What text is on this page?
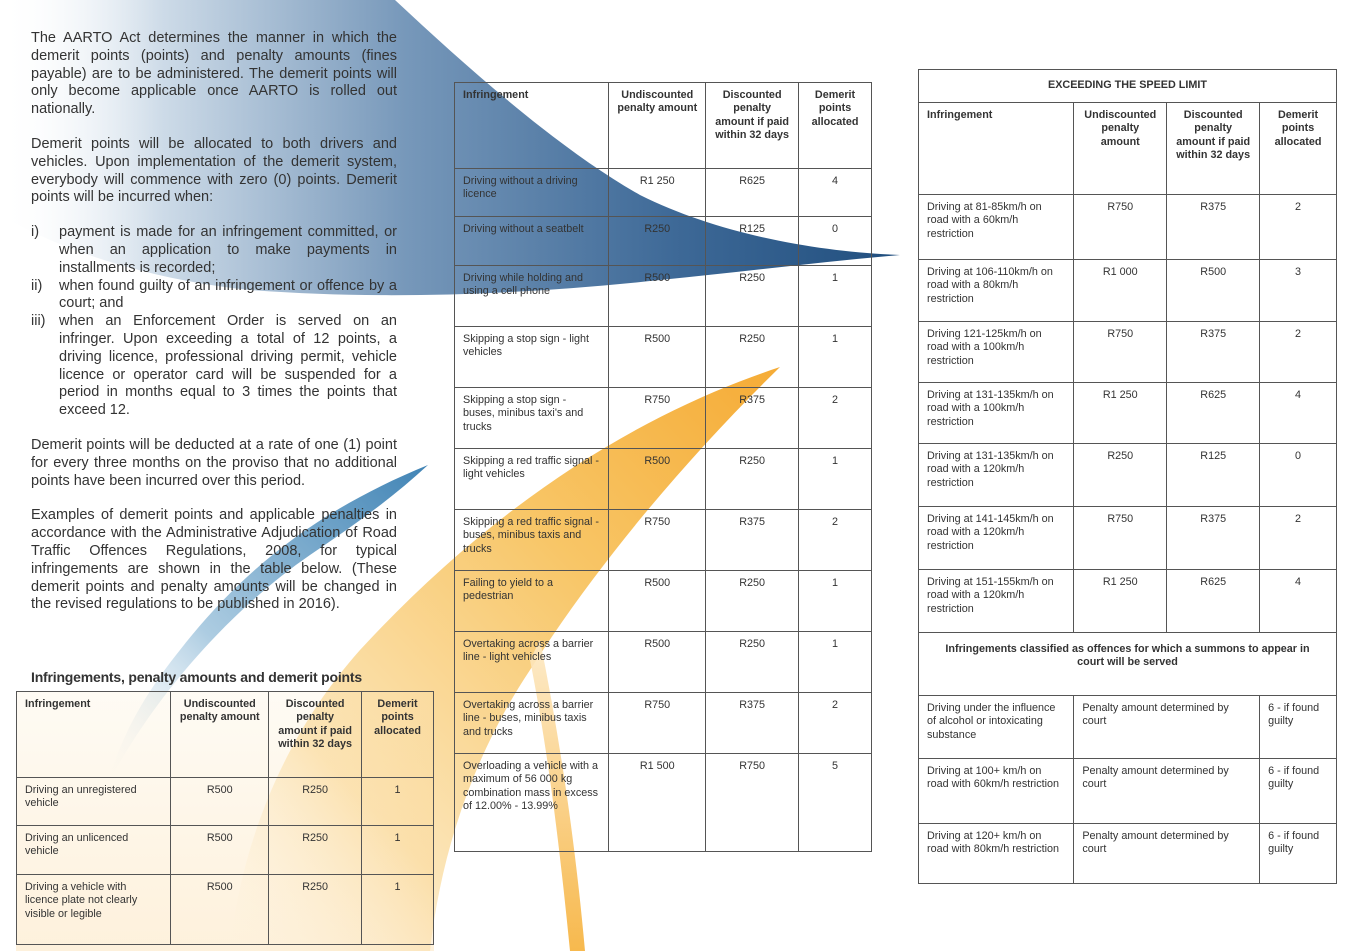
The AARTO Act determines the manner in which the demerit points (points) and penalty amounts (fines payable) are to be administered. The demerit points will only become applicable once AARTO is rolled out nationally.

Demerit points will be allocated to both drivers and vehicles. Upon implementation of the demerit system, everybody will commence with zero (0) points. Demerit points will be incurred when:

i) payment is made for an infringement committed, or when an application to make payments in installments is recorded;
ii) when found guilty of an infringement or offence by a court; and
iii) when an Enforcement Order is served on an infringer. Upon exceeding a total of 12 points, a driving licence, professional driving permit, vehicle licence or operator card will be suspended for a period in months equal to 3 times the points that exceed 12.

Demerit points will be deducted at a rate of one (1) point for every three months on the proviso that no additional points have been incurred over this period.

Examples of demerit points and applicable penalties in accordance with the Administrative Adjudication of Road Traffic Offences Regulations, 2008, for typical infringements are shown in the table below. (These demerit points and penalty amounts will be changed in the revised regulations to be published in 2016).

Infringements, penalty amounts and demerit points
Infringement	Undiscounted penalty amount	Discounted penalty amount if paid within 32 days	Demerit points allocated
Driving an unregistered vehicle	R500	R250	1
Driving an unlicenced vehicle	R500	R250	1
Driving a vehicle with licence plate not clearly visible or legible	R500	R250	1
Infringement	Undiscounted penalty amount	Discounted penalty amount if paid within 32 days	Demerit points allocated
Driving without a driving licence	R1 250	R625	4
Driving without a seatbelt	R250	R125	0
Driving while holding and using a cell phone	R500	R250	1
Skipping a stop sign - light vehicles	R500	R250	1
Skipping a stop sign - buses, minibus taxi's and trucks	R750	R375	2
Skipping a red traffic signal - light vehicles	R500	R250	1
Skipping a red traffic signal - buses, minibus taxis and trucks	R750	R375	2
Failing to yield to a pedestrian	R500	R250	1
Overtaking across a barrier line - light vehicles	R500	R250	1
Overtaking across a barrier line - buses, minibus taxis and trucks	R750	R375	2
Overloading a vehicle with a maximum of 56 000 kg combination mass in excess of 12.00% - 13.99%	R1 500	R750	5
EXCEEDING THE SPEED LIMIT			
Infringement	Undiscounted penalty amount	Discounted penalty amount if paid within 32 days	Demerit points allocated
Driving at 81-85km/h on road with a 60km/h restriction	R750	R375	2
Driving at 106-110km/h on road with a 80km/h restriction	R1 000	R500	3
Driving 121-125km/h on road with a 100km/h restriction	R750	R375	2
Driving at 131-135km/h on road with a 100km/h restriction	R1 250	R625	4
Driving at 131-135km/h on road with a 120km/h restriction	R250	R125	0
Driving at 141-145km/h on road with a 120km/h restriction	R750	R375	2
Driving at 151-155km/h on road with a 120km/h restriction	R1 250	R625	4
Infringements classified as offences for which a summons to appear in court will be served			
Driving under the influence of alcohol or intoxicating substance	Penalty amount determined by court		6 - if found guilty
Driving at 100+ km/h on road with 60km/h restriction	Penalty amount determined by court		6 - if found guilty
Driving at 120+ km/h on road with 80km/h restriction	Penalty amount determined by court		6 - if found guilty
